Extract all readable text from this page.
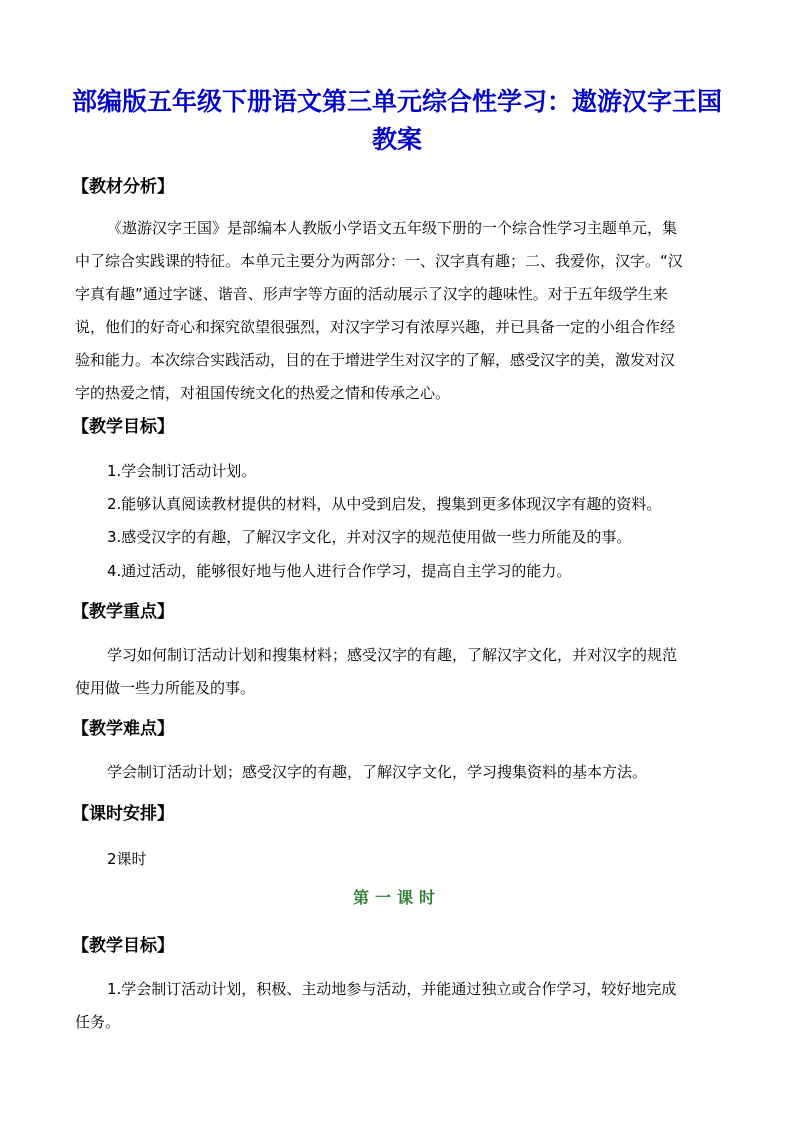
部编版五年级下册语文第三单元综合性学习：遨游汉字王国
教案
【教材分析】
《遨游汉字王国》是部编本人教版小学语文五年级下册的一个综合性学习主题单元，集
中了综合实践课的特征。本单元主要分为两部分：一、汉字真有趣；二、我爱你，汉字。“汉
字真有趣”通过字谜、谐音、形声字等方面的活动展示了汉字的趣味性。对于五年级学生来
说，他们的好奇心和探究欲望很强烈，对汉字学习有浓厚兴趣，并已具备一定的小组合作经
验和能力。本次综合实践活动，目的在于增进学生对汉字的了解，感受汉字的美，激发对汉
字的热爱之情，对祖国传统文化的热爱之情和传承之心。
【教学目标】
1.学会制订活动计划。
2.能够认真阅读教材提供的材料，从中受到启发，搜集到更多体现汉字有趣的资料。
3.感受汉字的有趣，了解汉字文化，并对汉字的规范使用做一些力所能及的事。
4.通过活动，能够很好地与他人进行合作学习，提高自主学习的能力。
【教学重点】
学习如何制订活动计划和搜集材料；感受汉字的有趣，了解汉字文化，并对汉字的规范
使用做一些力所能及的事。
【教学难点】
学会制订活动计划；感受汉字的有趣，了解汉字文化，学习搜集资料的基本方法。
【课时安排】
2课时
第一课时
【教学目标】
1.学会制订活动计划，积极、主动地参与活动，并能通过独立或合作学习，较好地完成
任务。
